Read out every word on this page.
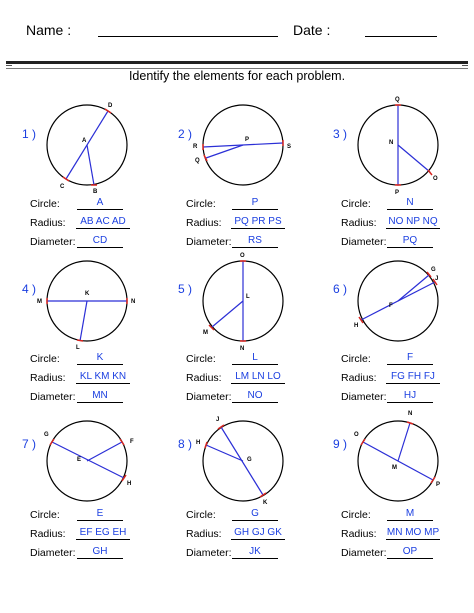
Name :	Date :
Identify the elements for each problem.
1 )
D
A
C
B
Circle:	A
Radius:	AB AC AD
Diameter:	CD
2 )
R
P
S
Q
Circle:	P
Radius:	PQ PR PS
Diameter:	RS
3 )
Q
N
O
P
Circle:	N
Radius: NO NP NQ
Diameter:	PQ
4 )	K
M	N
L
Circle:	K
Radius:	KL KM KN
Diameter:	MN
5 )
O
L
M
N
Circle:	L
Radius:	LM LN LO
Diameter:	NO
6 )
G
J
F
H
Circle:	F
Radius:	FG FH FJ
Diameter:	HJ
7 )
G
F
E
H
Circle:	E
Radius:	EF EG EH
Diameter:	GH
8 )
J
H
G
K
Circle:	G
Radius:	GH GJ GK
Diameter:	JK
9 )
N
O
M
P
Circle:	M
Radius: MN MO MP
Diameter:	OP
